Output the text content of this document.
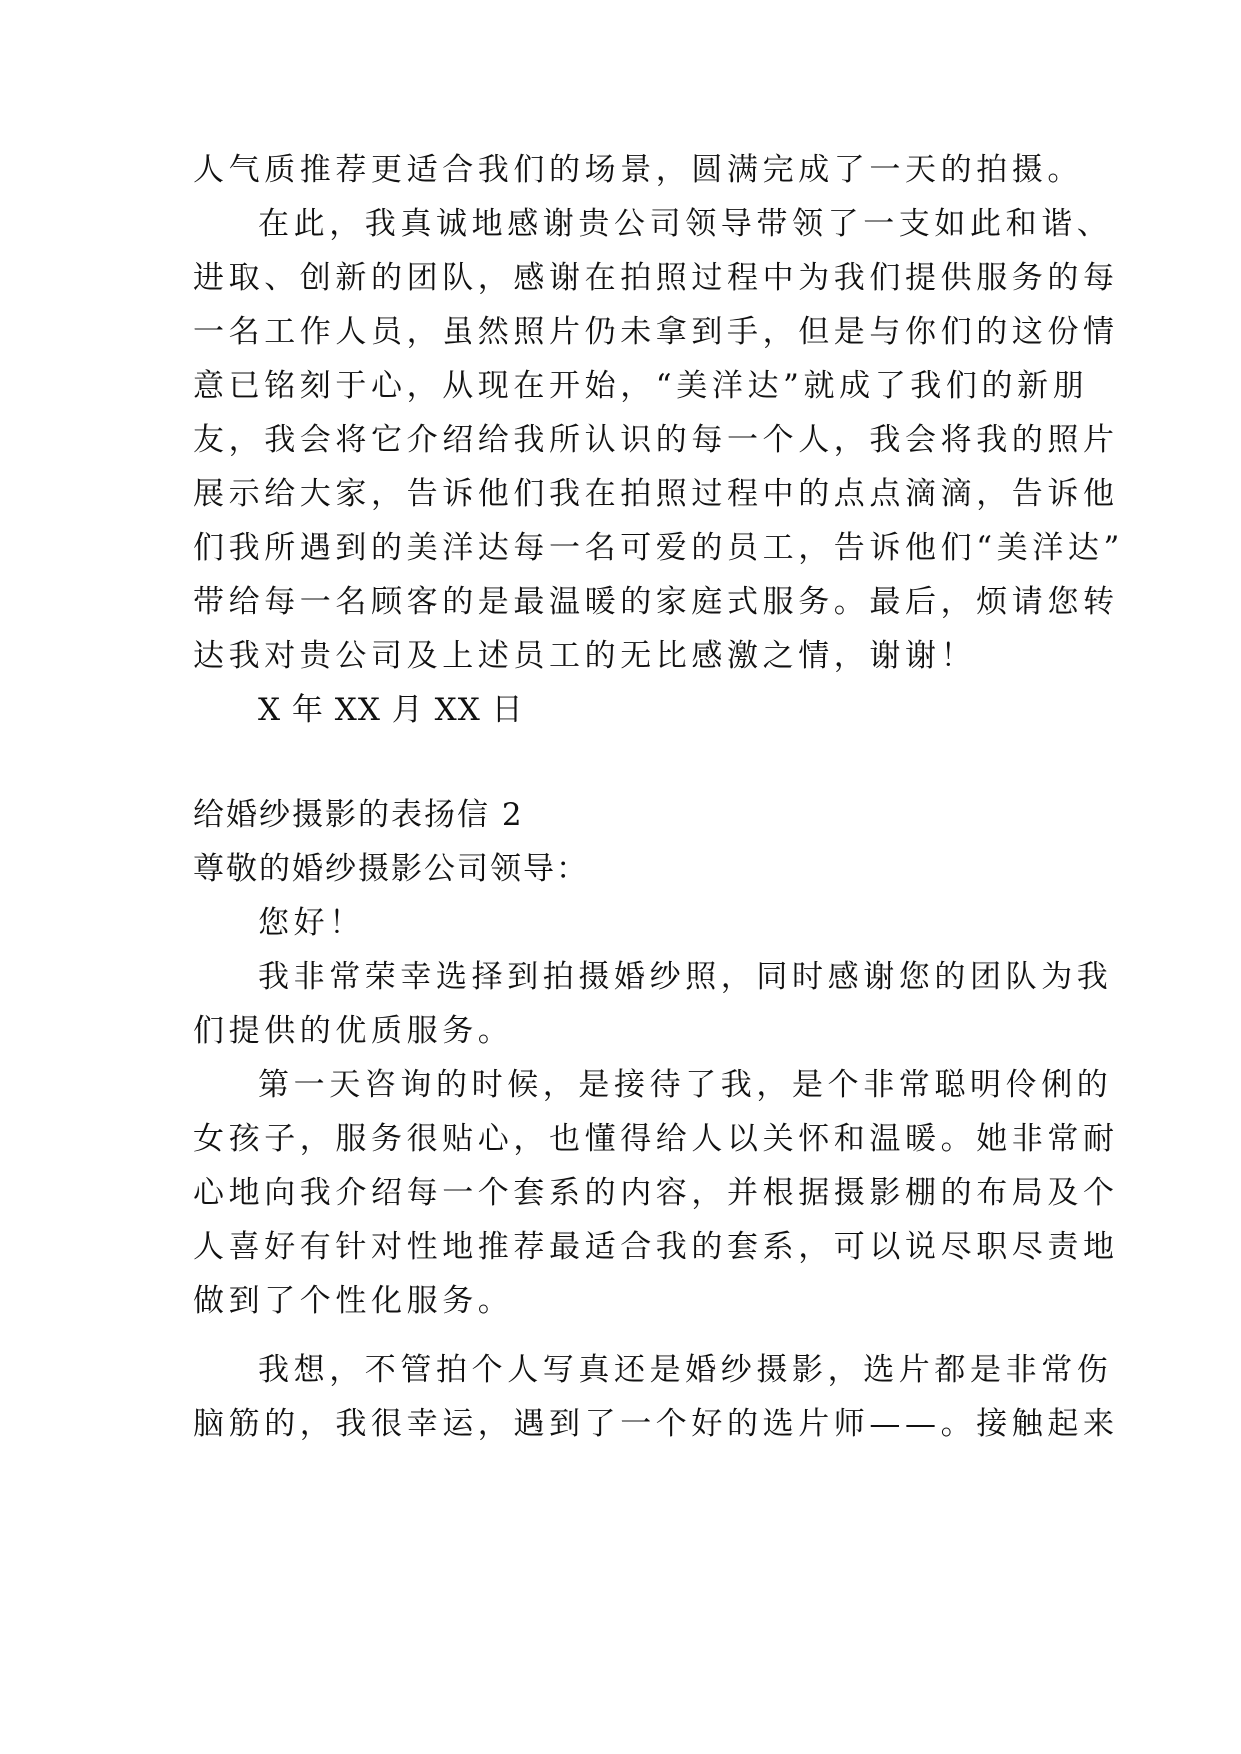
人气质推荐更适合我们的场景，圆满完成了一天的拍摄。
在此，我真诚地感谢贵公司领导带领了一支如此和谐、
进取、创新的团队，感谢在拍照过程中为我们提供服务的每
一名工作人员，虽然照片仍未拿到手，但是与你们的这份情
意已铭刻于心，从现在开始，“美洋达”就成了我们的新朋
友，我会将它介绍给我所认识的每一个人，我会将我的照片
展示给大家，告诉他们我在拍照过程中的点点滴滴，告诉他
们我所遇到的美洋达每一名可爱的员工，告诉他们“美洋达”
带给每一名顾客的是最温暖的家庭式服务。最后，烦请您转
达我对贵公司及上述员工的无比感激之情，谢谢！
X 年 XX 月 XX 日
给婚纱摄影的表扬信 2
尊敬的婚纱摄影公司领导：
您好！
我非常荣幸选择到拍摄婚纱照，同时感谢您的团队为我
们提供的优质服务。
第一天咨询的时候，是接待了我，是个非常聪明伶俐的
女孩子，服务很贴心，也懂得给人以关怀和温暖。她非常耐
心地向我介绍每一个套系的内容，并根据摄影棚的布局及个
人喜好有针对性地推荐最适合我的套系，可以说尽职尽责地
做到了个性化服务。
我想，不管拍个人写真还是婚纱摄影，选片都是非常伤
脑筋的，我很幸运，遇到了一个好的选片师——。接触起来
